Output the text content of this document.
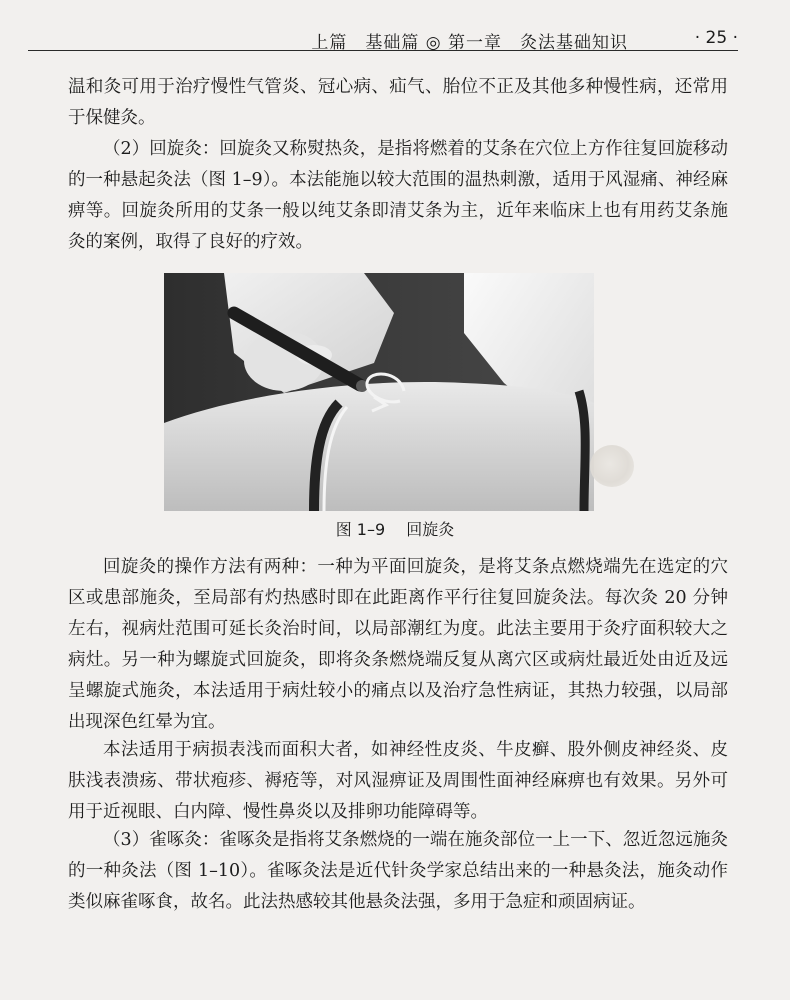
上篇　基础篇 ◎ 第一章　灸法基础知识	· 25 ·

温和灸可用于治疗慢性气管炎、冠心病、疝气、胎位不正及其他多种慢性病，还常用于保健灸。

（2）回旋灸：回旋灸又称熨热灸，是指将燃着的艾条在穴位上方作往复回旋移动的一种悬起灸法（图 1–9）。本法能施以较大范围的温热刺激，适用于风湿痛、神经麻痹等。回旋灸所用的艾条一般以纯艾条即清艾条为主，近年来临床上也有用药艾条施灸的案例，取得了良好的疗效。

图 1–9　 回旋灸

回旋灸的操作方法有两种：一种为平面回旋灸，是将艾条点燃烧端先在选定的穴区或患部施灸，至局部有灼热感时即在此距离作平行往复回旋灸法。每次灸 20 分钟左右，视病灶范围可延长灸治时间，以局部潮红为度。此法主要用于灸疗面积较大之病灶。另一种为螺旋式回旋灸，即将灸条燃烧端反复从离穴区或病灶最近处由近及远呈螺旋式施灸，本法适用于病灶较小的痛点以及治疗急性病证，其热力较强，以局部出现深色红晕为宜。

本法适用于病损表浅而面积大者，如神经性皮炎、牛皮癣、股外侧皮神经炎、皮肤浅表溃疡、带状疱疹、褥疮等，对风湿痹证及周围性面神经麻痹也有效果。另外可用于近视眼、白内障、慢性鼻炎以及排卵功能障碍等。

（3）雀啄灸：雀啄灸是指将艾条燃烧的一端在施灸部位一上一下、忽近忽远施灸的一种灸法（图 1–10）。雀啄灸法是近代针灸学家总结出来的一种悬灸法，施灸动作类似麻雀啄食，故名。此法热感较其他悬灸法强，多用于急症和顽固病证。
